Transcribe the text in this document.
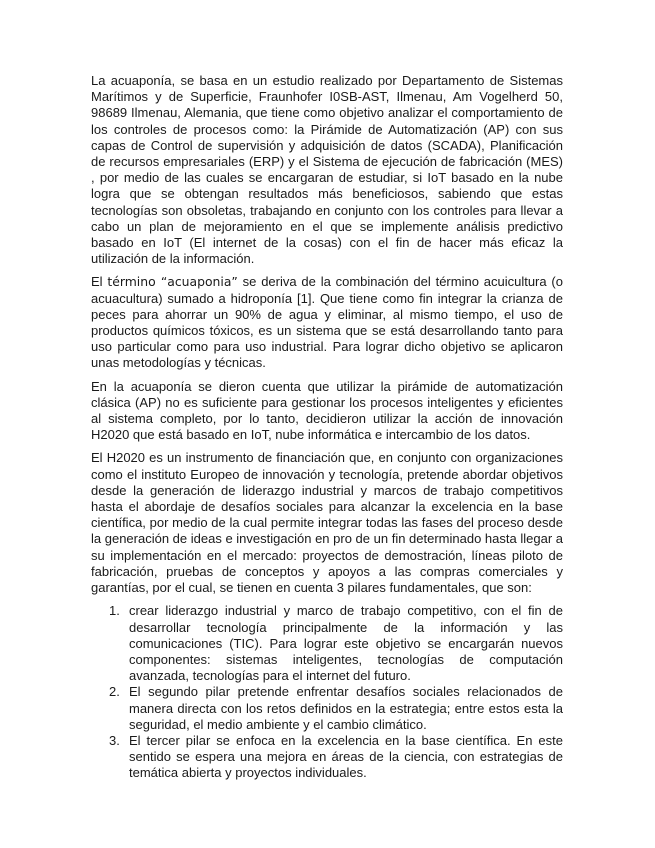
La acuaponía, se basa en un estudio realizado por Departamento de Sistemas Marítimos y de Superficie, Fraunhofer I0SB-AST, Ilmenau, Am Vogelherd 50, 98689 Ilmenau, Alemania, que tiene como objetivo analizar el comportamiento de los controles de procesos como: la Pirámide de Automatización (AP) con sus capas de Control de supervisión y adquisición de datos (SCADA), Planificación de recursos empresariales (ERP) y el Sistema de ejecución de fabricación (MES) , por medio de las cuales se encargaran de estudiar, si IoT basado en la nube logra que se obtengan resultados más beneficiosos, sabiendo que estas tecnologías son obsoletas, trabajando en conjunto con los controles para llevar a cabo un plan de mejoramiento en el que se implemente análisis predictivo basado en IoT (El internet de la cosas) con el fin de hacer más eficaz la utilización de la información.

El término “acuaponia” se deriva de la combinación del término acuicultura (o acuacultura) sumado a hidroponía [1]. Que tiene como fin integrar la crianza de peces para ahorrar un 90% de agua y eliminar, al mismo tiempo, el uso de productos químicos tóxicos, es un sistema que se está desarrollando tanto para uso particular como para uso industrial. Para lograr dicho objetivo se aplicaron unas metodologías y técnicas.

En la acuaponía se dieron cuenta que utilizar la pirámide de automatización clásica (AP) no es suficiente para gestionar los procesos inteligentes y eficientes al sistema completo, por lo tanto, decidieron utilizar la acción de innovación H2020 que está basado en IoT, nube informática e intercambio de los datos.

El H2020 es un instrumento de financiación que, en conjunto con organizaciones como el instituto Europeo de innovación y tecnología, pretende abordar objetivos desde la generación de liderazgo industrial y marcos de trabajo competitivos hasta el abordaje de desafíos sociales para alcanzar la excelencia en la base científica, por medio de la cual permite integrar todas las fases del proceso desde la generación de ideas e investigación en pro de un fin determinado hasta llegar a su implementación en el mercado: proyectos de demostración, líneas piloto de fabricación, pruebas de conceptos y apoyos a las compras comerciales y garantías, por el cual, se tienen en cuenta 3 pilares fundamentales, que son:

1. crear liderazgo industrial y marco de trabajo competitivo, con el fin de desarrollar tecnología principalmente de la información y las comunicaciones (TIC). Para lograr este objetivo se encargarán nuevos componentes: sistemas inteligentes, tecnologías de computación avanzada, tecnologías para el internet del futuro.
2. El segundo pilar pretende enfrentar desafíos sociales relacionados de manera directa con los retos definidos en la estrategia; entre estos esta la seguridad, el medio ambiente y el cambio climático.
3. El tercer pilar se enfoca en la excelencia en la base científica. En este sentido se espera una mejora en áreas de la ciencia, con estrategias de temática abierta y proyectos individuales.
